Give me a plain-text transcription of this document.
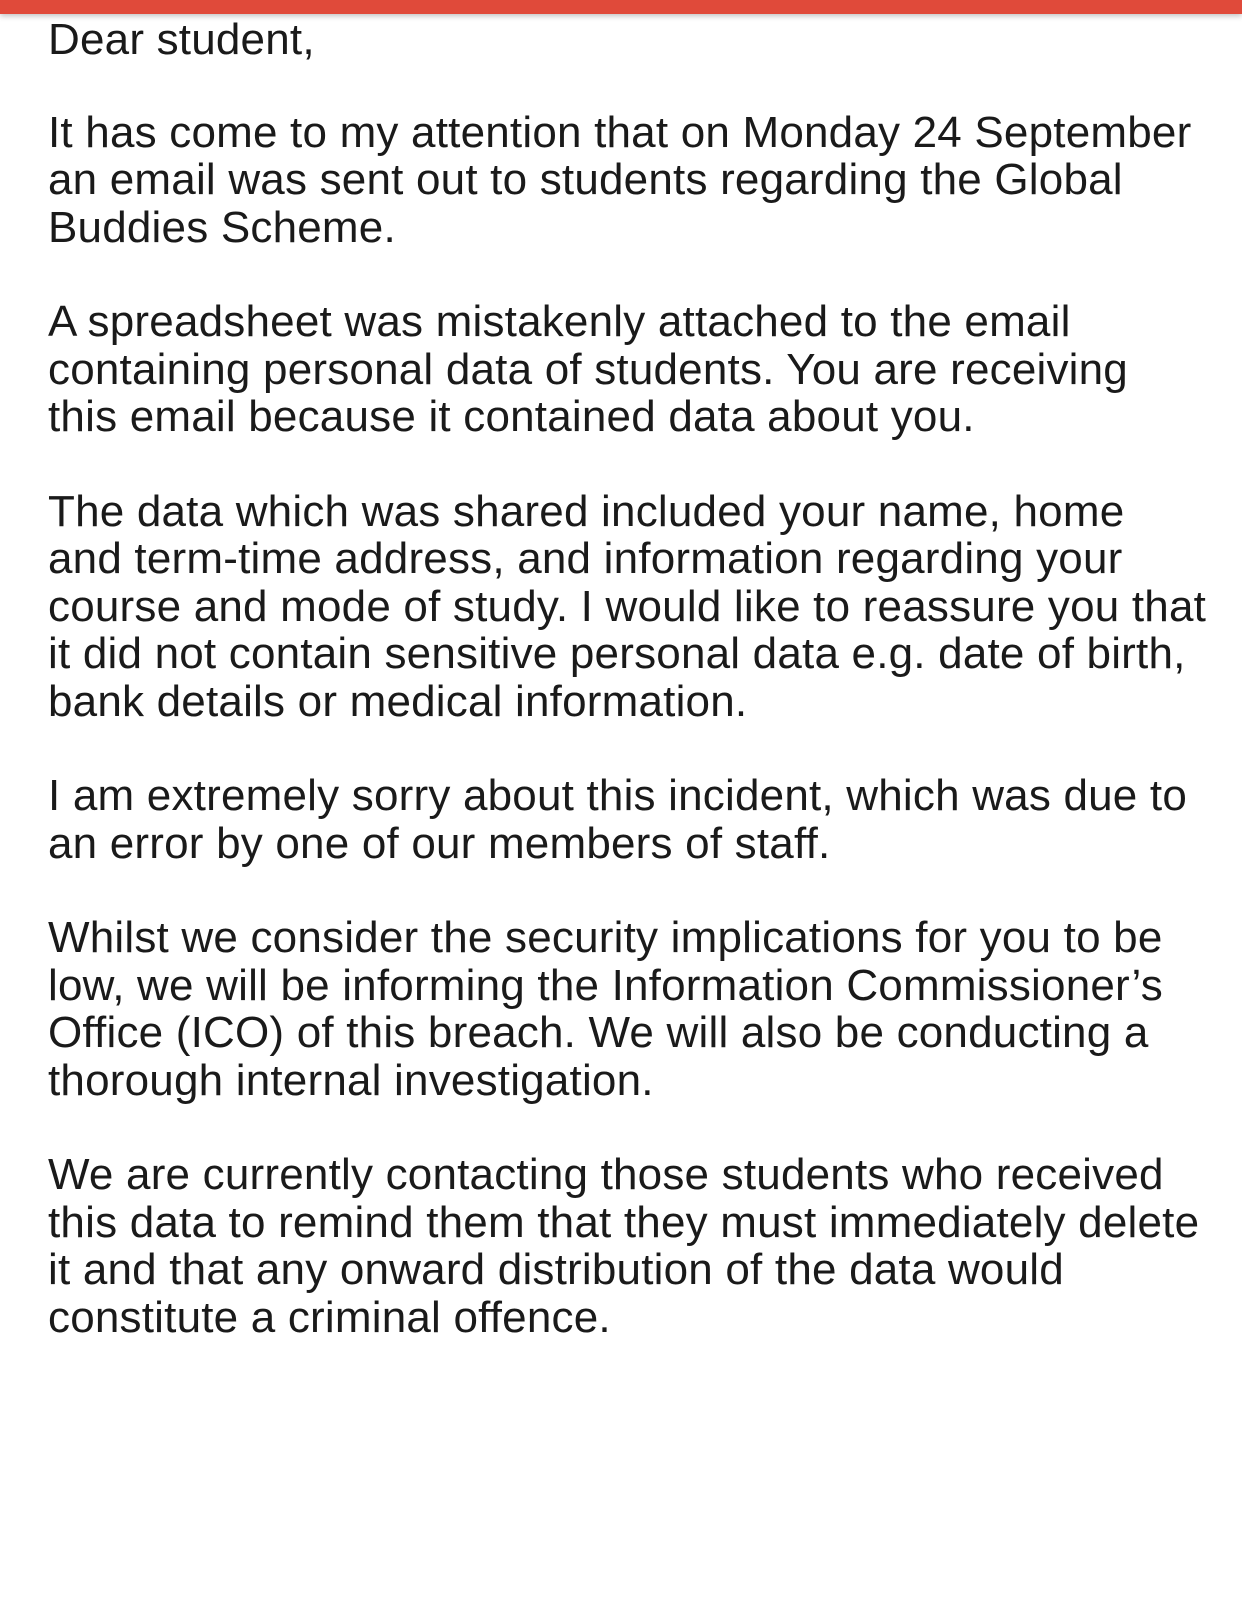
Dear student,

It has come to my attention that on Monday 24 September an email was sent out to students regarding the Global Buddies Scheme.

A spreadsheet was mistakenly attached to the email containing personal data of students. You are receiving this email because it contained data about you.

The data which was shared included your name, home and term-time address, and information regarding your course and mode of study. I would like to reassure you that it did not contain sensitive personal data e.g. date of birth, bank details or medical information.

I am extremely sorry about this incident, which was due to an error by one of our members of staff.

Whilst we consider the security implications for you to be low, we will be informing the Information Commissioner’s Office (ICO) of this breach. We will also be conducting a thorough internal investigation.

We are currently contacting those students who received this data to remind them that they must immediately delete it and that any onward distribution of the data would constitute a criminal offence.
